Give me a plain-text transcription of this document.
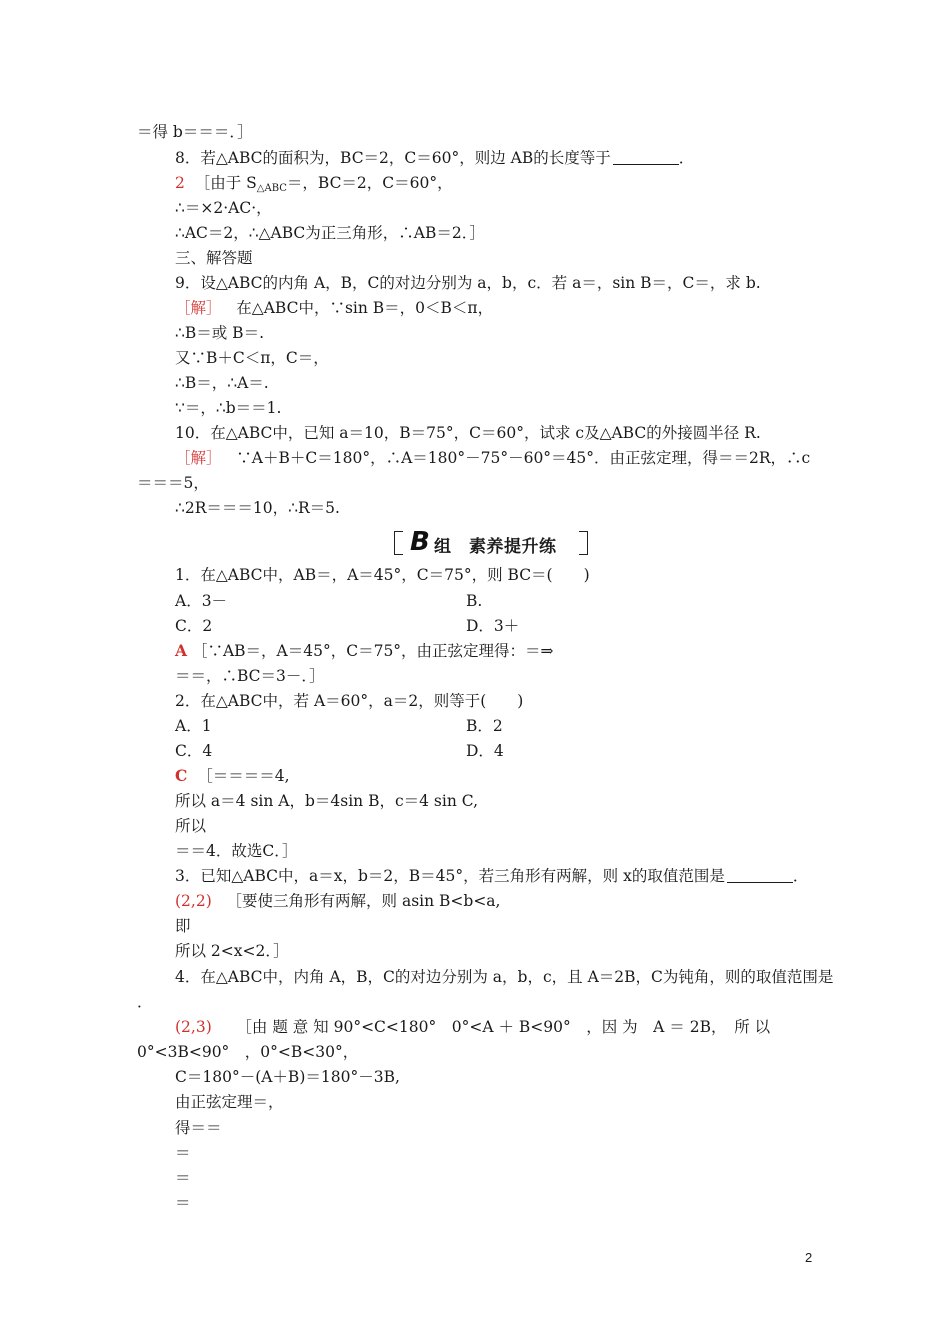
＝得 b＝＝＝．］
8．若△ABC的面积为，BC＝2，C＝60°，则边 AB的长度等于	．
2 ［由于 $S_{\triangle ABC}=$，BC＝2，C＝60°，
∴＝×2·AC·，
∴AC＝2，∴△ABC为正三角形，∴AB＝2．］
三、解答题
9．设△ABC的内角 A，B，C的对边分别为 a，b，c．若 a＝，sin B＝，C＝，求 b.
［解］ 在△ABC中，∵sin B＝，0＜B＜π，
∴B＝或 B＝.
又∵B＋C＜π，C＝，
∴B＝，∴A＝.
∵＝，∴b＝＝1.
10．在△ABC中，已知 a＝10，B＝75°，C＝60°，试求 c及△ABC的外接圆半径 R.
［解］ ∵A＋B＋C＝180°，∴A＝180°－75°－60°＝45°．由正弦定理，得＝＝2R，∴c
＝＝＝5，
∴2R＝＝＝10，∴R＝5.
B 组　素养提升练
1．在△ABC中，AB＝，A＝45°，C＝75°，则 BC＝(　　)
A．3－	B.
C．2	D．3＋
A ［∵AB＝，A＝45°，C＝75°，由正弦定理得：＝⇒
＝＝，∴BC＝3－．］
2．在△ABC中，若 A＝60°，a＝2，则等于(　　)
A．1	B．2
C．4	D．4
C ［＝＝＝＝4,
所以 a＝4 sin A，b＝4sin B，c＝4 sin C,
所以
＝＝4．故选C．］
3．已知△ABC中，a＝x，b＝2，B＝45°，若三角形有两解，则 x的取值范围是	．
(2,2) ［要使三角形有两解，则 asin B<b<a,
即
所以 2<x<2．］
4．在△ABC中，内角 A，B，C的对边分别为 a，b，c，且 A＝2B，C为钝角，则的取值范围是
．
(2,3) ［由 题 意 知 90°<C<180°　0°<A ＋ B<90°　，因 为　A ＝ 2B，　所 以
0°<3B<90°　，0°<B<30°，
C＝180°－(A＋B)＝180°－3B,
由正弦定理＝，
得＝＝
＝
＝
＝
2
